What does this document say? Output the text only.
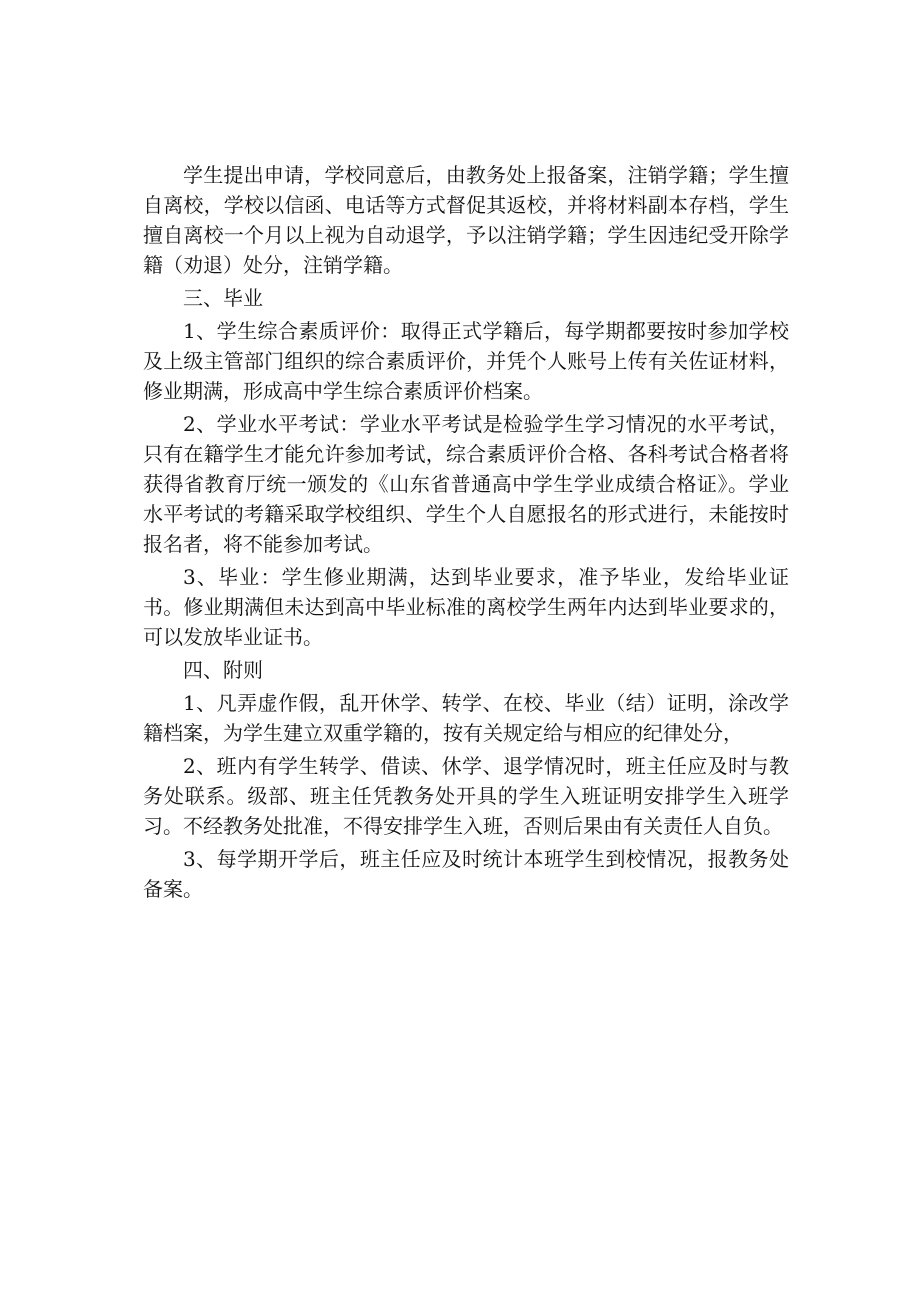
学生提出申请，学校同意后，由教务处上报备案，注销学籍；学生擅自离校，学校以信函、电话等方式督促其返校，并将材料副本存档，学生擅自离校一个月以上视为自动退学，予以注销学籍；学生因违纪受开除学籍（劝退）处分，注销学籍。

三、毕业

1、学生综合素质评价：取得正式学籍后，每学期都要按时参加学校及上级主管部门组织的综合素质评价，并凭个人账号上传有关佐证材料，修业期满，形成高中学生综合素质评价档案。

2、学业水平考试：学业水平考试是检验学生学习情况的水平考试，只有在籍学生才能允许参加考试，综合素质评价合格、各科考试合格者将获得省教育厅统一颁发的《山东省普通高中学生学业成绩合格证》。学业水平考试的考籍采取学校组织、学生个人自愿报名的形式进行，未能按时报名者，将不能参加考试。

3、毕业：学生修业期满，达到毕业要求，准予毕业，发给毕业证书。修业期满但未达到高中毕业标准的离校学生两年内达到毕业要求的，可以发放毕业证书。

四、附则

1、凡弄虚作假，乱开休学、转学、在校、毕业（结）证明，涂改学籍档案，为学生建立双重学籍的，按有关规定给与相应的纪律处分，

2、班内有学生转学、借读、休学、退学情况时，班主任应及时与教务处联系。级部、班主任凭教务处开具的学生入班证明安排学生入班学习。不经教务处批准，不得安排学生入班，否则后果由有关责任人自负。

3、每学期开学后，班主任应及时统计本班学生到校情况，报教务处备案。
